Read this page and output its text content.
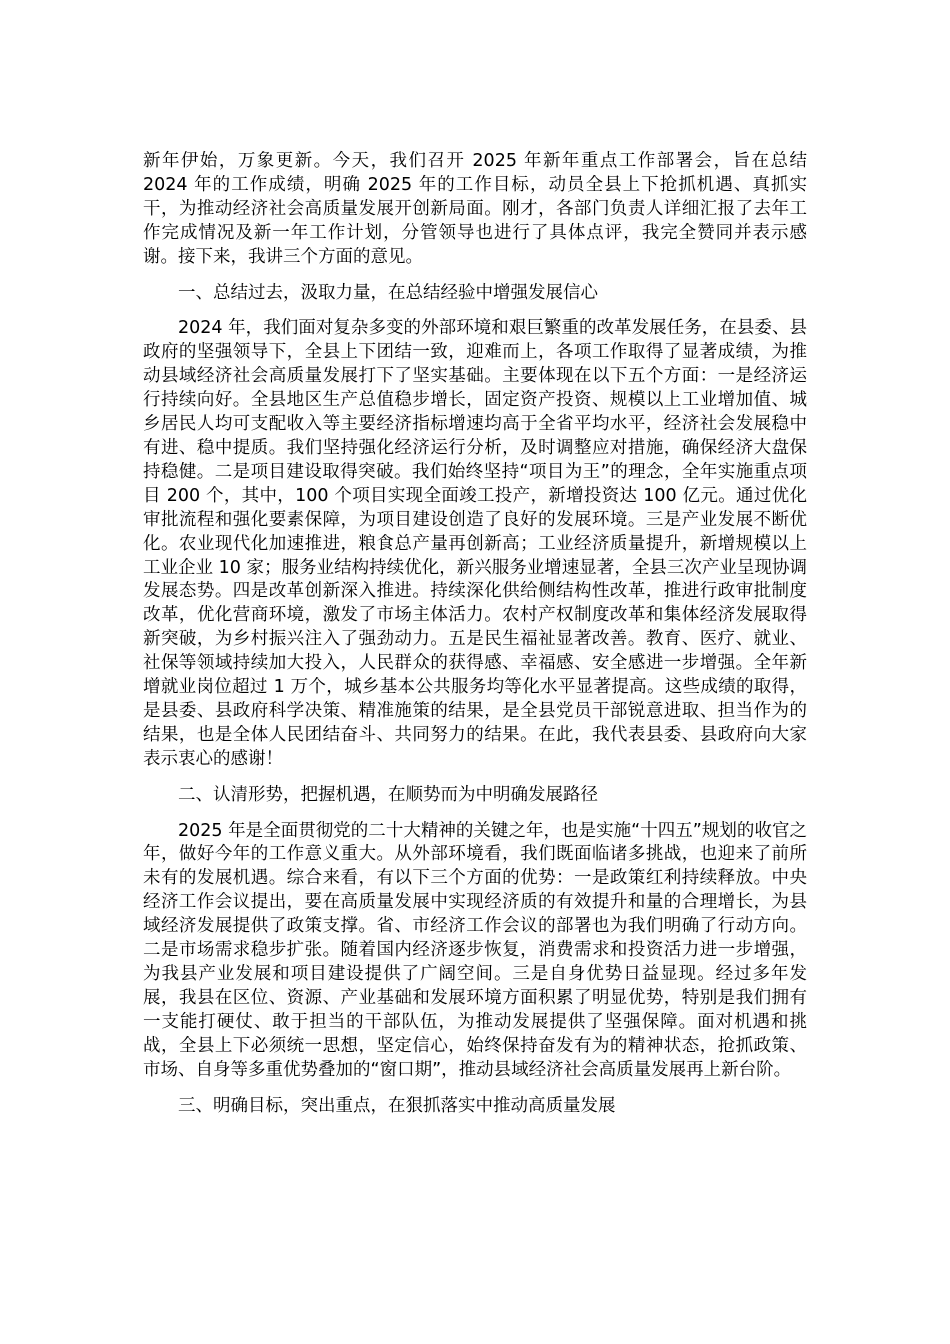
新年伊始，万象更新。今天，我们召开 2025 年新年重点工作部署会，旨在总结 2024 年的工作成绩，明确 2025 年的工作目标，动员全县上下抢抓机遇、真抓实干，为推动经济社会高质量发展开创新局面。刚才，各部门负责人详细汇报了去年工作完成情况及新一年工作计划，分管领导也进行了具体点评，我完全赞同并表示感谢。接下来，我讲三个方面的意见。

一、总结过去，汲取力量，在总结经验中增强发展信心

2024 年，我们面对复杂多变的外部环境和艰巨繁重的改革发展任务，在县委、县政府的坚强领导下，全县上下团结一致，迎难而上，各项工作取得了显著成绩，为推动县域经济社会高质量发展打下了坚实基础。主要体现在以下五个方面：一是经济运行持续向好。全县地区生产总值稳步增长，固定资产投资、规模以上工业增加值、城乡居民人均可支配收入等主要经济指标增速均高于全省平均水平，经济社会发展稳中有进、稳中提质。我们坚持强化经济运行分析，及时调整应对措施，确保经济大盘保持稳健。二是项目建设取得突破。我们始终坚持“项目为王”的理念，全年实施重点项目 200 个，其中，100 个项目实现全面竣工投产，新增投资达 100 亿元。通过优化审批流程和强化要素保障，为项目建设创造了良好的发展环境。三是产业发展不断优化。农业现代化加速推进，粮食总产量再创新高；工业经济质量提升，新增规模以上工业企业 10 家；服务业结构持续优化，新兴服务业增速显著，全县三次产业呈现协调发展态势。四是改革创新深入推进。持续深化供给侧结构性改革，推进行政审批制度改革，优化营商环境，激发了市场主体活力。农村产权制度改革和集体经济发展取得新突破，为乡村振兴注入了强劲动力。五是民生福祉显著改善。教育、医疗、就业、社保等领域持续加大投入，人民群众的获得感、幸福感、安全感进一步增强。全年新增就业岗位超过 1 万个，城乡基本公共服务均等化水平显著提高。这些成绩的取得，是县委、县政府科学决策、精准施策的结果，是全县党员干部锐意进取、担当作为的结果，也是全体人民团结奋斗、共同努力的结果。在此，我代表县委、县政府向大家表示衷心的感谢！

二、认清形势，把握机遇，在顺势而为中明确发展路径

2025 年是全面贯彻党的二十大精神的关键之年，也是实施“十四五”规划的收官之年，做好今年的工作意义重大。从外部环境看，我们既面临诸多挑战，也迎来了前所未有的发展机遇。综合来看，有以下三个方面的优势：一是政策红利持续释放。中央经济工作会议提出，要在高质量发展中实现经济质的有效提升和量的合理增长，为县域经济发展提供了政策支撑。省、市经济工作会议的部署也为我们明确了行动方向。二是市场需求稳步扩张。随着国内经济逐步恢复，消费需求和投资活力进一步增强，为我县产业发展和项目建设提供了广阔空间。三是自身优势日益显现。经过多年发展，我县在区位、资源、产业基础和发展环境方面积累了明显优势，特别是我们拥有一支能打硬仗、敢于担当的干部队伍，为推动发展提供了坚强保障。面对机遇和挑战，全县上下必须统一思想，坚定信心，始终保持奋发有为的精神状态，抢抓政策、市场、自身等多重优势叠加的“窗口期”，推动县域经济社会高质量发展再上新台阶。

三、明确目标，突出重点，在狠抓落实中推动高质量发展
